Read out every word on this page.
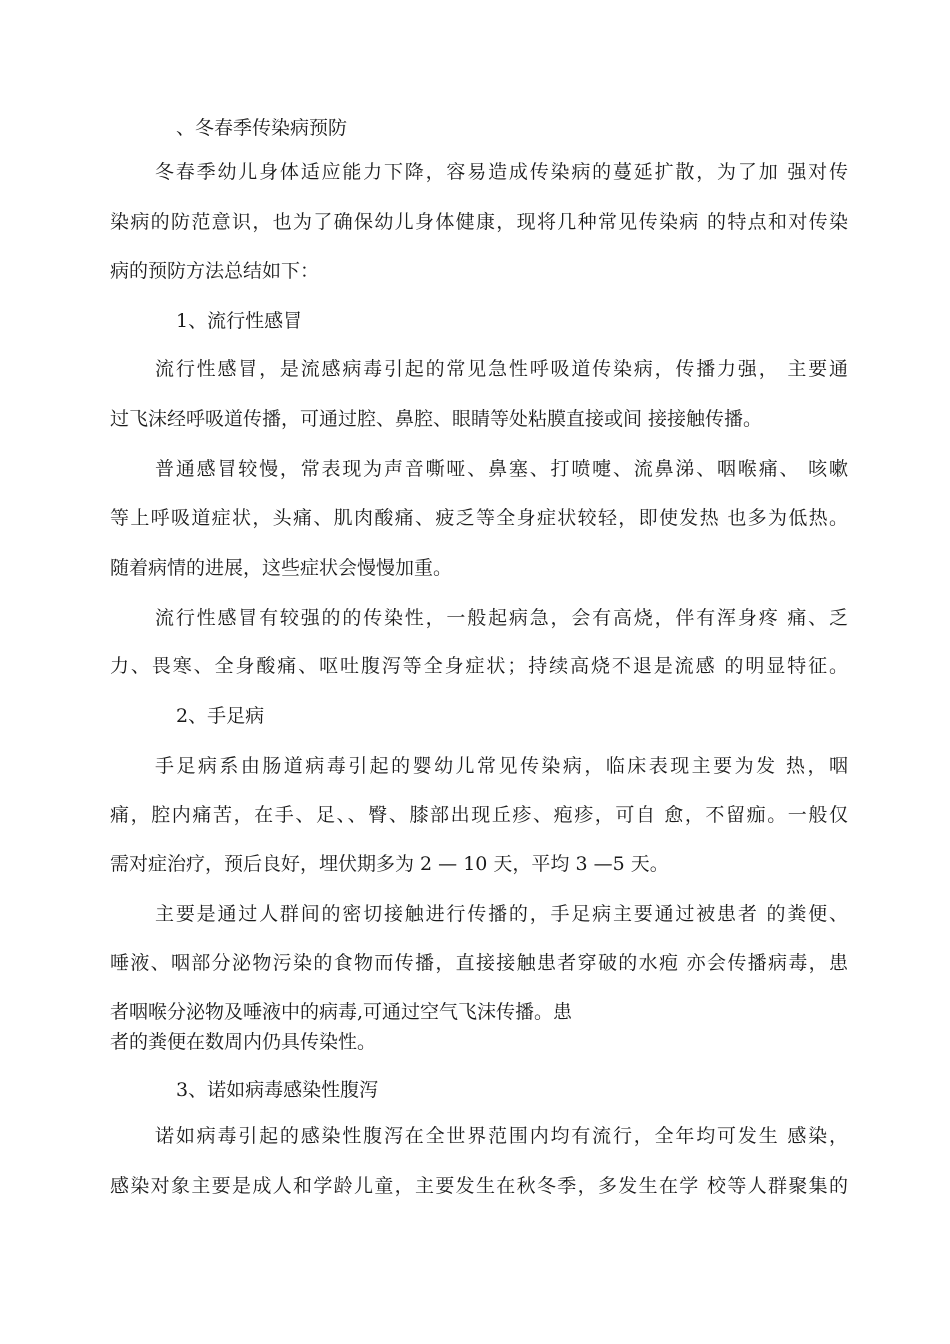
、冬春季传染病预防

冬春季幼儿身体适应能力下降，容易造成传染病的蔓延扩散，为了加 强对传

染病的防范意识，也为了确保幼儿身体健康，现将几种常见传染病 的特点和对传染

病的预防方法总结如下：

1、流行性感冒

流行性感冒，是流感病毒引起的常见急性呼吸道传染病，传播力强， 主要通

过飞沫经呼吸道传播，可通过腔、鼻腔、眼睛等处粘膜直接或间 接接触传播。

普通感冒较慢，常表现为声音嘶哑、鼻塞、打喷嚏、流鼻涕、咽喉痛、 咳嗽

等上呼吸道症状，头痛、肌肉酸痛、疲乏等全身症状较轻，即使发热 也多为低热。

随着病情的进展，这些症状会慢慢加重。

流行性感冒有较强的的传染性，一般起病急，会有高烧，伴有浑身疼 痛、乏

力、畏寒、全身酸痛、呕吐腹泻等全身症状；持续高烧不退是流感 的明显特征。

2、手足病

手足病系由肠道病毒引起的婴幼儿常见传染病，临床表现主要为发 热，咽

痛，腔内痛苦，在手、足、、臀、膝部出现丘疹、疱疹，可自 愈，不留痂。一般仅

需对症治疗，预后良好，埋伏期多为 2 — 10 天，平均 3 —5 天。

主要是通过人群间的密切接触进行传播的，手足病主要通过被患者 的粪便、

唾液、咽部分泌物污染的食物而传播，直接接触患者穿破的水疱 亦会传播病毒，患

者咽喉分泌物及唾液中的病毒,可通过空气飞沫传播。患

者的粪便在数周内仍具传染性。

3、诺如病毒感染性腹泻

诺如病毒引起的感染性腹泻在全世界范围内均有流行，全年均可发生 感染，

感染对象主要是成人和学龄儿童，主要发生在秋冬季，多发生在学 校等人群聚集的
